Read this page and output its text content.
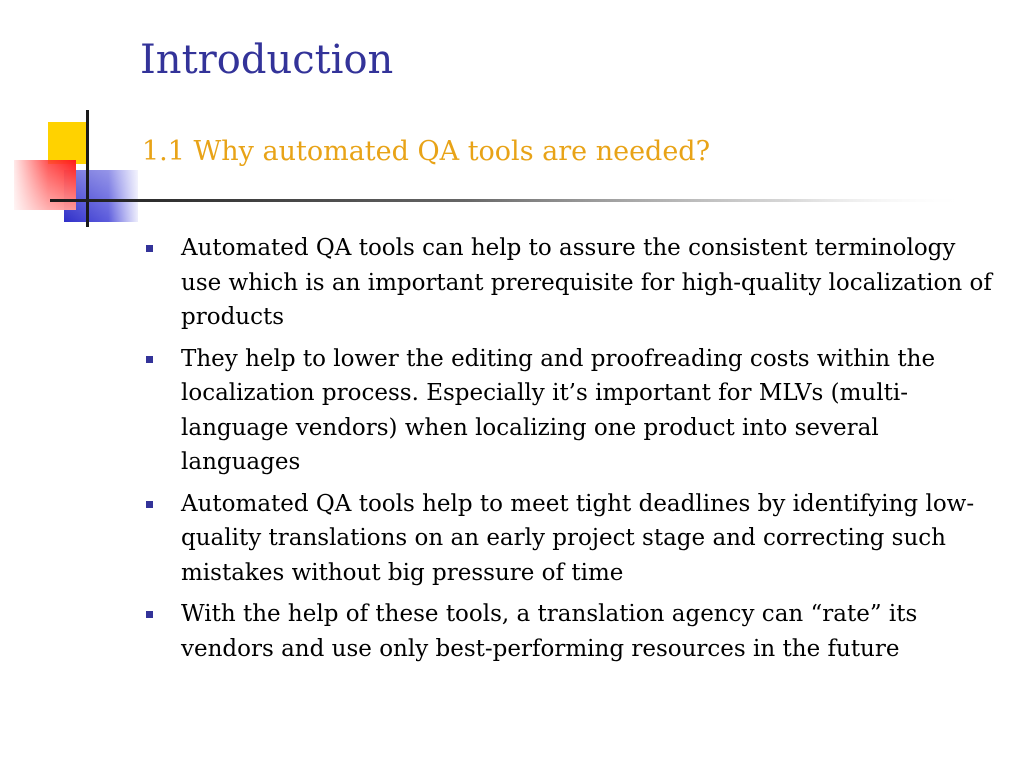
Introduction
1.1 Why automated QA tools are needed?
Automated QA tools can help to assure the consistent terminology use which is an important prerequisite for high-quality localization of products
They help to lower the editing and proofreading costs within the localization process. Especially it’s important for MLVs (multi-language vendors) when localizing one product into several languages
Automated QA tools help to meet tight deadlines by identifying low-quality translations on an early project stage and correcting such mistakes without big pressure of time
With the help of these tools, a translation agency can “rate” its vendors and use only best-performing resources in the future
